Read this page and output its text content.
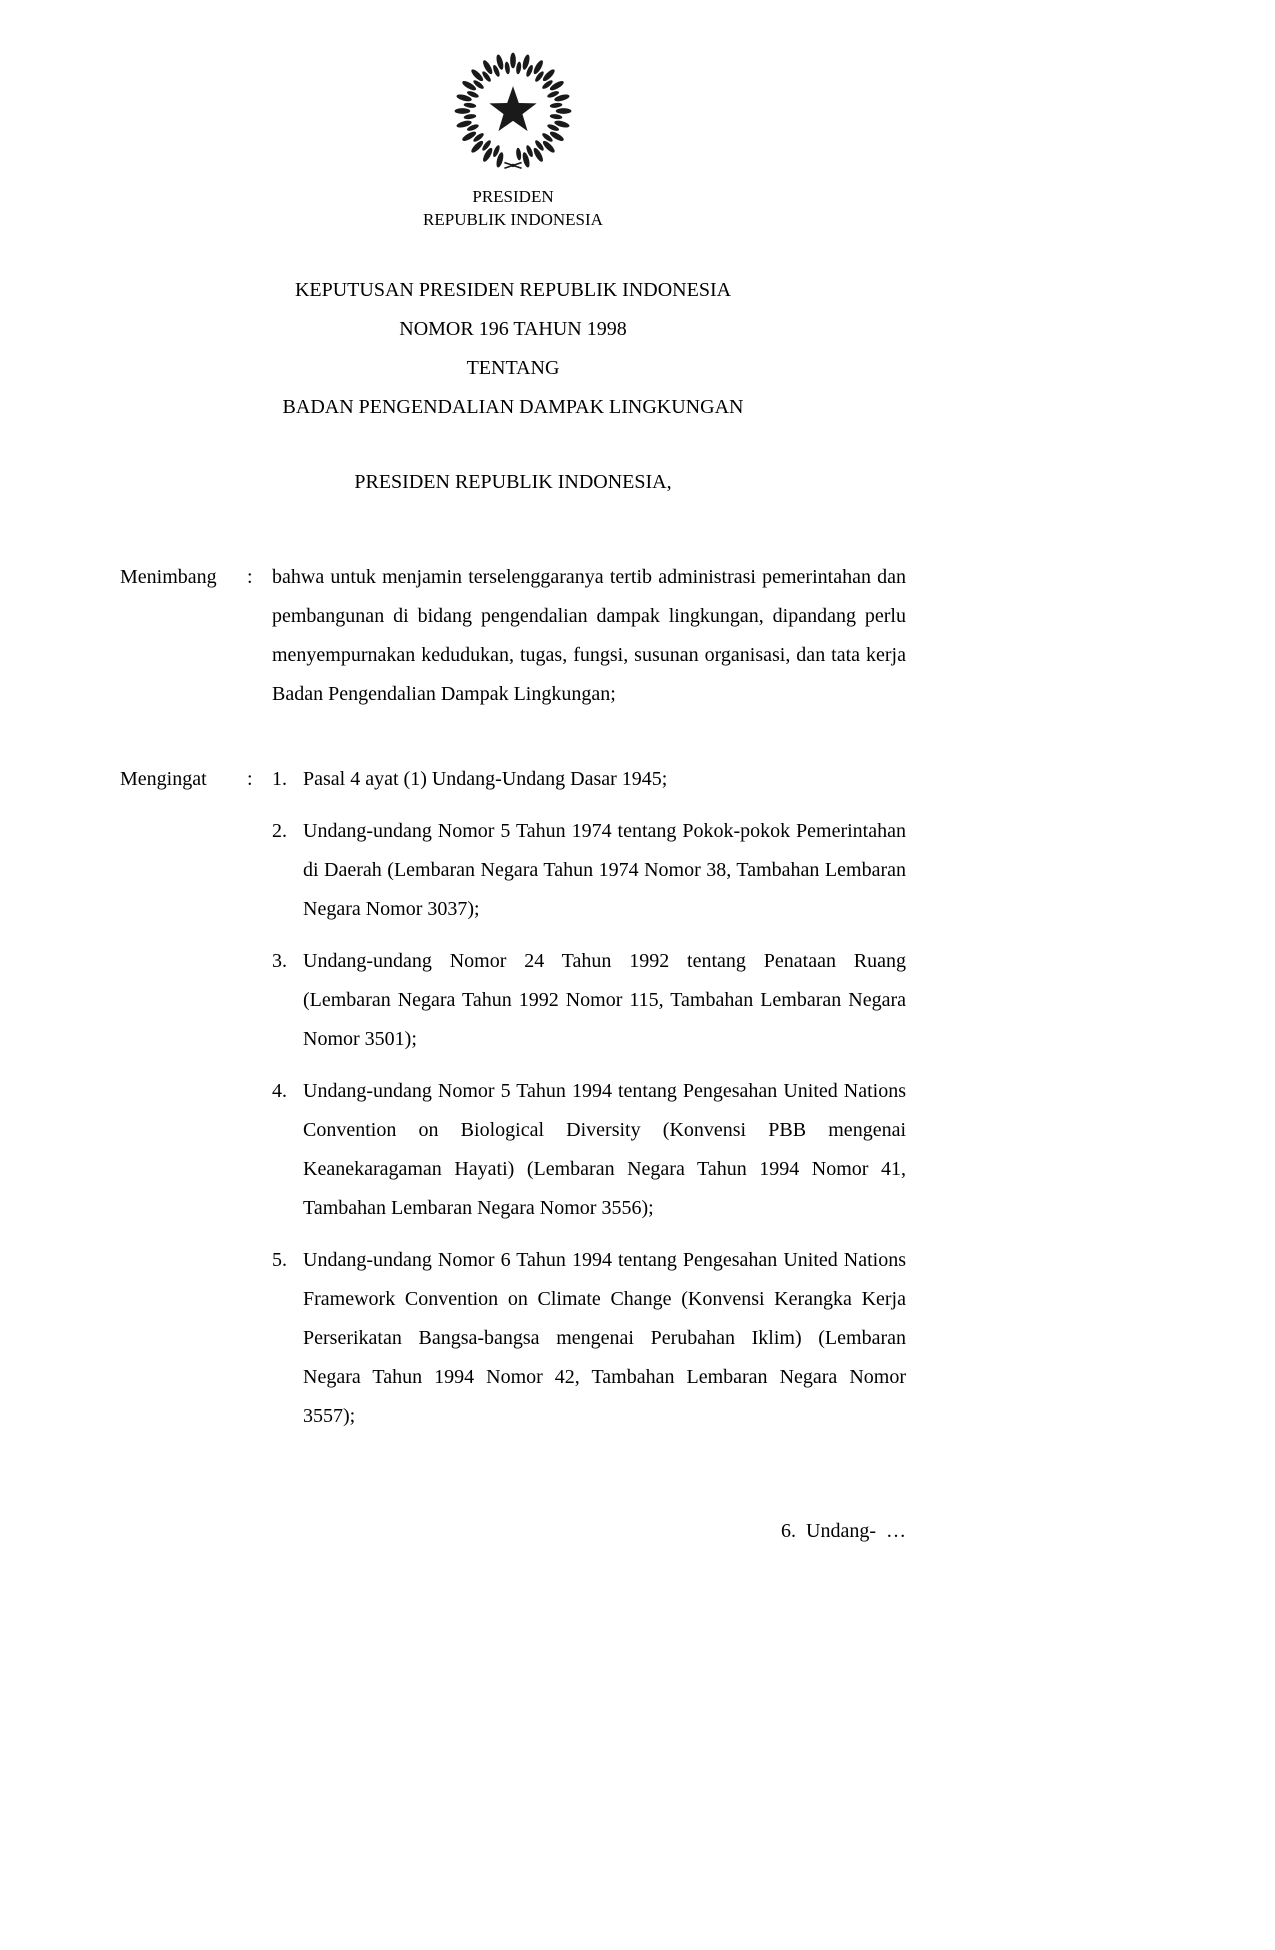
PRESIDEN
REPUBLIK INDONESIA
KEPUTUSAN PRESIDEN REPUBLIK INDONESIA
NOMOR 196 TAHUN 1998
TENTANG
BADAN PENGENDALIAN DAMPAK LINGKUNGAN
PRESIDEN REPUBLIK INDONESIA,
Menimbang	: bahwa untuk menjamin terselenggaranya tertib administrasi pemerintahan dan pembangunan di bidang pengendalian dampak lingkungan, dipandang perlu menyempurnakan kedudukan, tugas, fungsi, susunan organisasi, dan tata kerja Badan Pengendalian Dampak Lingkungan;
Mengingat	: 1. Pasal 4 ayat (1) Undang-Undang Dasar 1945;
2. Undang-undang Nomor 5 Tahun 1974 tentang Pokok-pokok Pemerintahan di Daerah (Lembaran Negara Tahun 1974 Nomor 38, Tambahan Lembaran Negara Nomor 3037);
3. Undang-undang Nomor 24 Tahun 1992 tentang Penataan Ruang (Lembaran Negara Tahun 1992 Nomor 115, Tambahan Lembaran Negara Nomor 3501);
4. Undang-undang Nomor 5 Tahun 1994 tentang Pengesahan United Nations Convention on Biological Diversity (Konvensi PBB mengenai Keanekaragaman Hayati) (Lembaran Negara Tahun 1994 Nomor 41, Tambahan Lembaran Negara Nomor 3556);
5. Undang-undang Nomor 6 Tahun 1994 tentang Pengesahan United Nations Framework Convention on Climate Change (Konvensi Kerangka Kerja Perserikatan Bangsa-bangsa mengenai Perubahan Iklim) (Lembaran Negara Tahun 1994 Nomor 42, Tambahan Lembaran Negara Nomor 3557);
6.  Undang-  …
